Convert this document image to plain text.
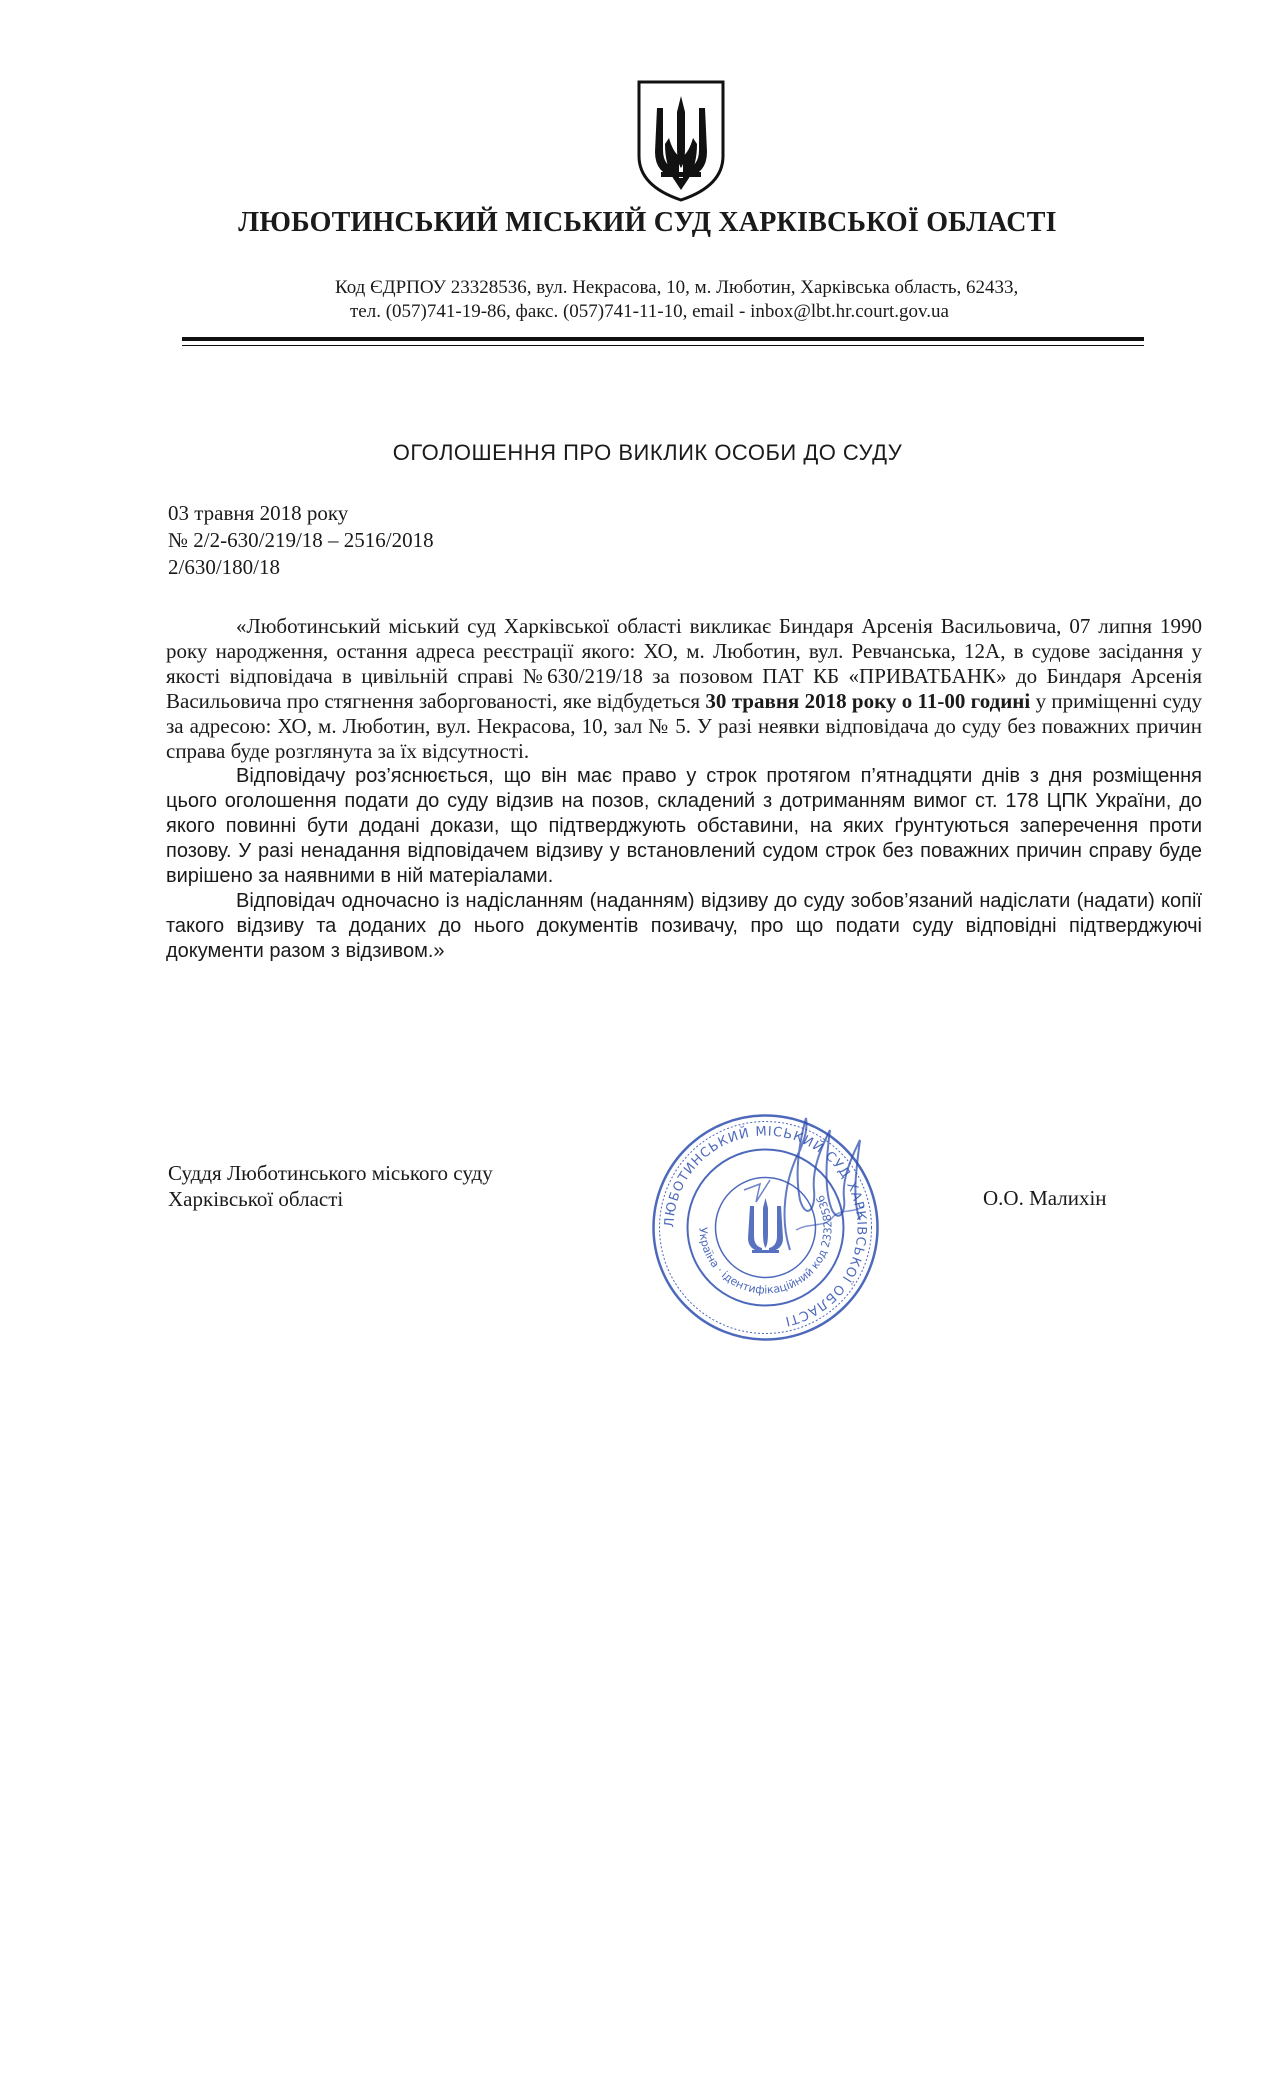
ЛЮБОТИНСЬКИЙ МІСЬКИЙ СУД ХАРКІВСЬКОЇ ОБЛАСТІ
Код ЄДРПОУ 23328536, вул. Некрасова, 10, м. Люботин, Харківська область, 62433,
тел. (057)741-19-86, факс. (057)741-11-10, email - inbox@lbt.hr.court.gov.ua
ОГОЛОШЕННЯ ПРО ВИКЛИК ОСОБИ ДО СУДУ
03 травня 2018 року
№ 2/2-630/219/18 – 2516/2018
2/630/180/18

«Люботинський міський суд Харківської області викликає Биндаря Арсенія Васильовича, 07 липня 1990 року народження, остання адреса реєстрації якого: ХО, м. Люботин, вул. Ревчанська, 12А, в судове засідання у якості відповідача в цивільній справі №630/219/18 за позовом ПАТ КБ «ПРИВАТБАНК» до Биндаря Арсенія Васильовича про стягнення заборгованості, яке відбудеться 30 травня 2018 року о 11-00 годині у приміщенні суду за адресою: ХО, м. Люботин, вул. Некрасова, 10, зал № 5. У разі неявки відповідача до суду без поважних причин справа буде розглянута за їх відсутності.

Відповідачу роз’яснюється, що він має право у строк протягом п’ятнадцяти днів з дня розміщення цього оголошення подати до суду відзив на позов, складений з дотриманням вимог ст. 178 ЦПК України, до якого повинні бути додані докази, що підтверджують обставини, на яких ґрунтуються заперечення проти позову. У разі ненадання відповідачем відзиву у встановлений судом строк без поважних причин справу буде вирішено за наявними в ній матеріалами.

Відповідач одночасно із надісланням (наданням) відзиву до суду зобов’язаний надіслати (надати) копії такого відзиву та доданих до нього документів позивачу, про що подати суду відповідні підтверджуючі документи разом з відзивом.»

Суддя Люботинського міського суду
Харківської області
ЛЮБОТИНСЬКИЙ МІСЬКИЙ СУД ХАРКІВСЬКОЇ ОБЛАСТІ
Україна · ідентифікаційний код 23328536	О.О. Малихін
